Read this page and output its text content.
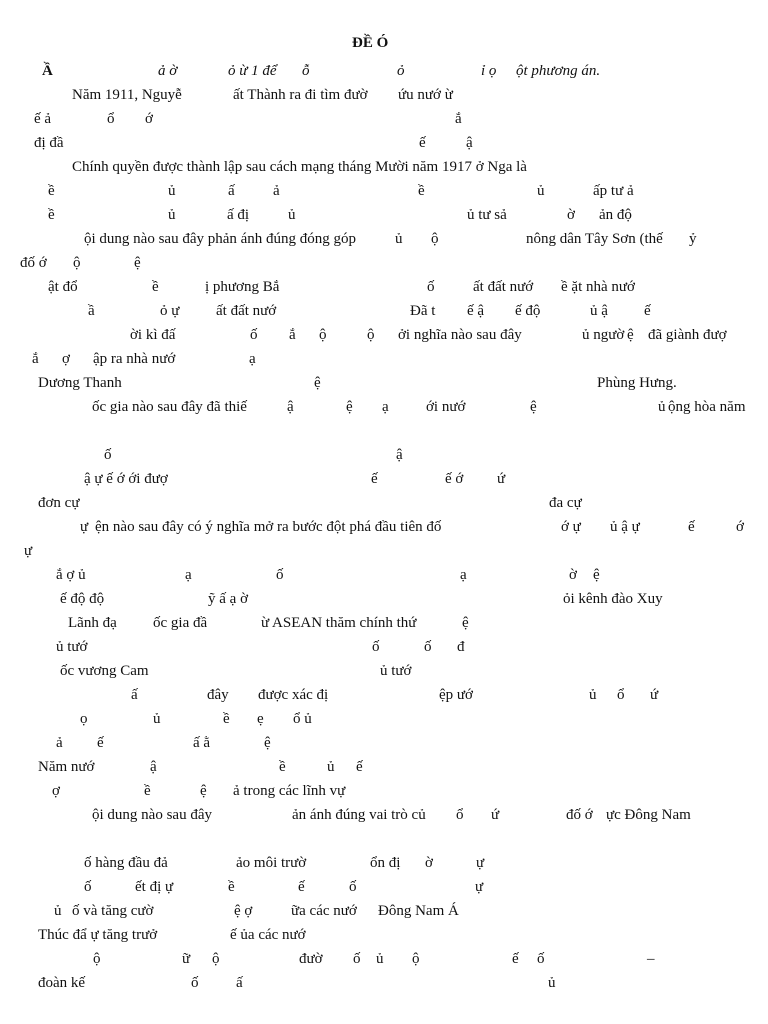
ĐỀ Ó
Ầ	ả ờ	ỏ ừ 1 để ỗ	ỏ	ỉ ọ ột phương án.
Năm 1911, Nguyễ	ất Thành ra đi tìm đườ ứu nướ ừ
ế ả	ổ ớ	ắ
đị đầ	ế	ậ
Chính quyền được thành lập sau cách mạng tháng Mười năm 1917 ở Nga là
ề	ủ	ấ	ả	ề	ủ	ấp tư ả
ề	ủ	ấ đị	ủ	ủ tư sả	ờ ản độ
ội dung nào sau đây phản ánh đúng đóng góp	ủ ộ	nông dân Tây Sơn (thế ỷ
đố ớ ộ	ệ
ật đổ	ề	ị phương Bắ	ố	ất đất nướ ề ặt nhà nướ
ầ	ỏ ự ất đất nướ	Đã t ế ậ ế độ	ủ ậ ế
ời kì đấ	ố ắ ộ	ộ ởi nghĩa nào sau đây	ủ ngườ ệ đã giành đượ
ắ ợ ập ra nhà nướ	ạ
Dương Thanh	ệ	Phùng Hưng.
ốc gia nào sau đây đã thiế	ậ	ệ ạ ới nướ	ệ	ủ ộng hòa năm
ố	ậ
ậ ự ế ớ ới đượ	ế	ế ớ ứ
đơn cự	đa cự
ự ện nào sau đây có ý nghĩa mở ra bước đột phá đầu tiên đố	ớ ự ủ ậ ự	ế	ớ
ự
ắ ợ ủ	ạ	ố	ạ	ờ ệ
ế độ độ	ỹ ấ ạ ờ	ỏi kênh đào Xuy
Lãnh đạ ốc gia đầ	ừ ASEAN thăm chính thứ	ệ
ủ tướ	ố	ố đ
ốc vương Cam	ủ tướ
ấ	đây được xác đị	ệp ướ	ủ ổ ứ
ọ	ủ	ề ẹ ổ ủ
ả ế	ấ ằ	ệ
Năm nướ	ậ	ề	ủ ế
ợ	ề	ệ ả trong các lĩnh vự
ội dung nào sau đây	ản ánh đúng vai trò củ ổ ứ	đố ớ ực Đông Nam
ố hàng đầu đả	ảo môi trườ	ổn đị ờ	ự
ố	ết đị ự	ề	ế	ố	ự
ủ ố và tăng cườ	ệ ợ	ữa các nướ Đông Nam Á
Thúc đẩ ự tăng trưở	ế ủa các nướ
ộ	ữ ộ	đườ ố ủ ộ	ế ố	–
đoàn kế	ố	ấ	ủ
